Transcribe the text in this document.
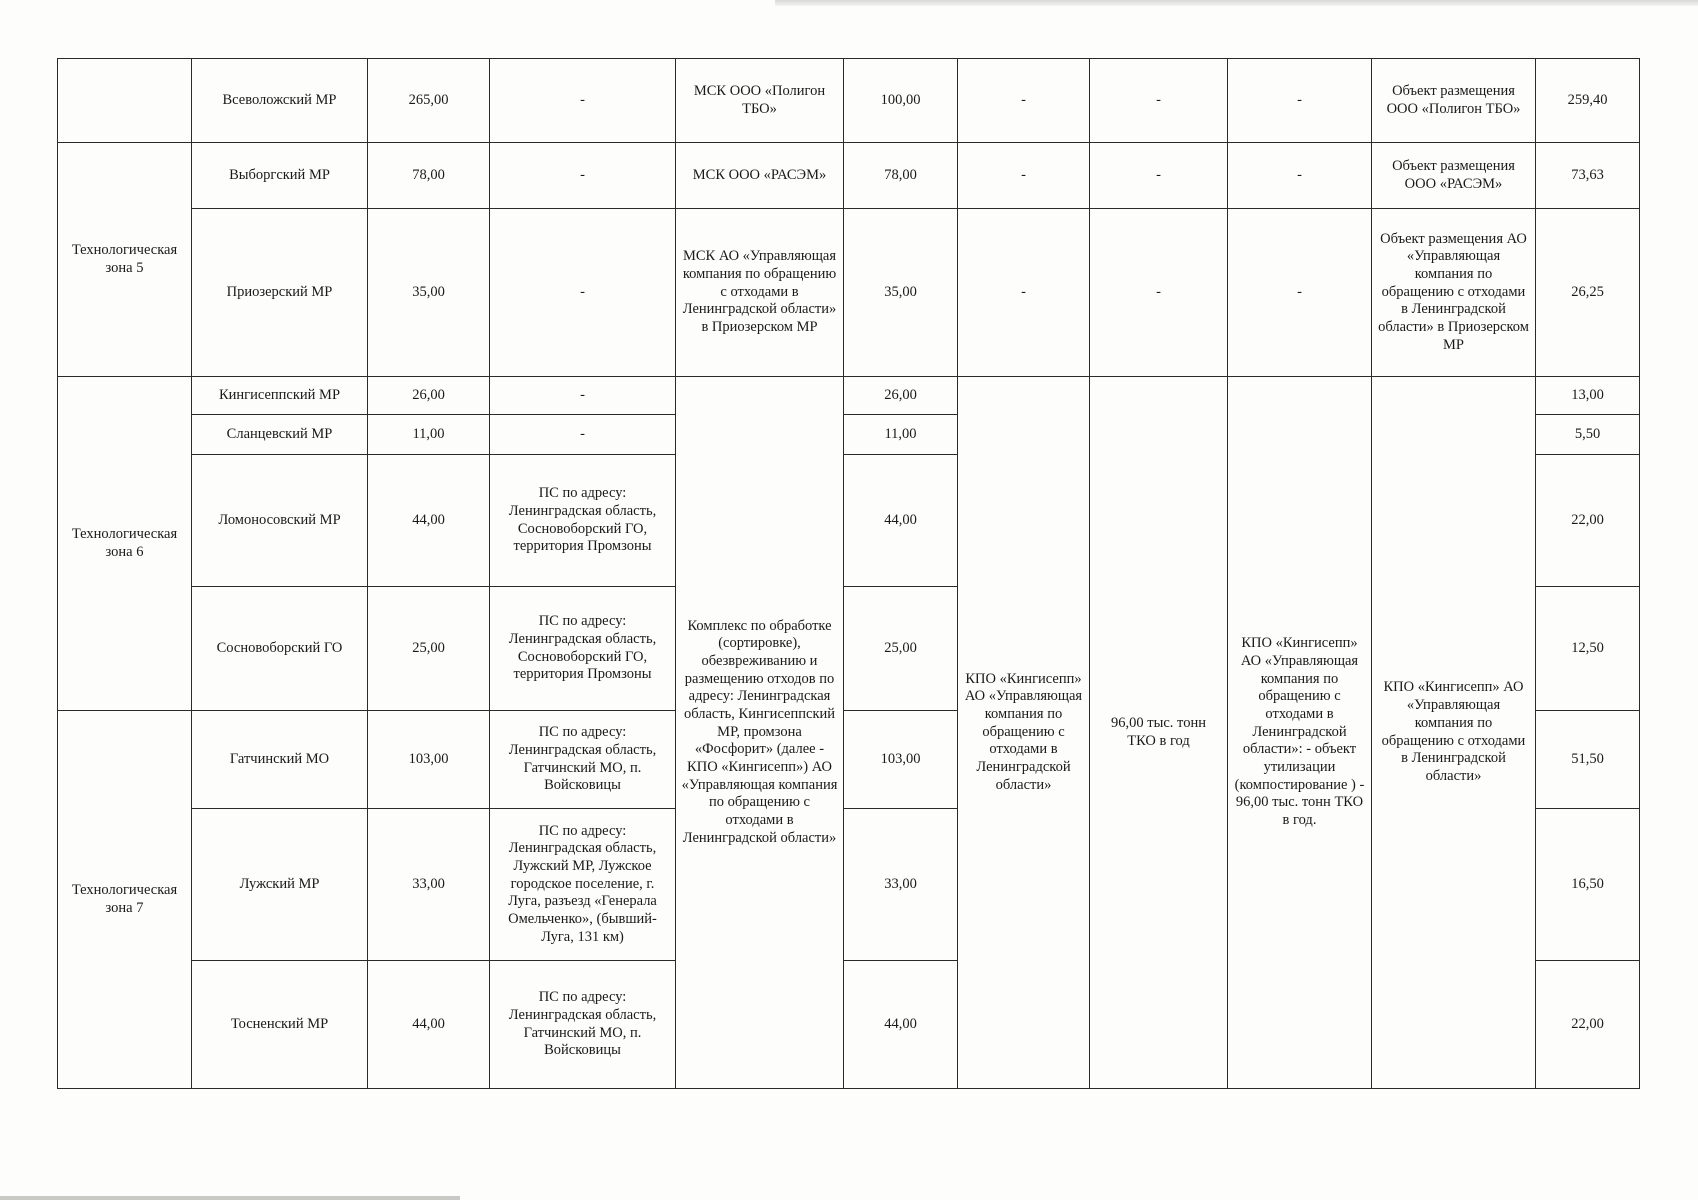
	Всеволожский МР	265,00	-	МСК ООО «Полигон ТБО»	100,00	-	-	-	Объект размещения ООО «Полигон ТБО»	259,40
Технологическая зона 5	Выборгский МР	78,00	-	МСК ООО «РАСЭМ»	78,00	-	-	-	Объект размещения ООО «РАСЭМ»	73,63
	Приозерский МР	35,00	-	МСК АО «Управляющая компания по обращению с отходами в Ленинградской области» в Приозерском МР	35,00	-	-	-	Объект размещения АО «Управляющая компания по обращению с отходами в Ленинградской области» в Приозерском МР	26,25
Технологическая зона 6	Кингисеппский МР	26,00	-	Комплекс по обработке (сортировке), обезвреживанию и размещению отходов по адресу: Ленинградская область, Кингисеппский МР, промзона «Фосфорит» (далее - КПО «Кингисепп») АО «Управляющая компания по обращению с отходами в Ленинградской области»	26,00	КПО «Кингисепп» АО «Управляющая компания по обращению с отходами в Ленинградской области»	96,00 тыс. тонн ТКО в год	КПО «Кингисепп» АО «Управляющая компания по обращению с отходами в Ленинградской области»: - объект утилизации (компостирование ) - 96,00 тыс. тонн ТКО в год.	КПО «Кингисепп» АО «Управляющая компания по обращению с отходами в Ленинградской области»	13,00
	Сланцевский МР	11,00	-		11,00					5,50
	Ломоносовский МР	44,00	ПС по адресу: Ленинградская область, Сосновоборский ГО, территория Промзоны		44,00					22,00
	Сосновоборский ГО	25,00	ПС по адресу: Ленинградская область, Сосновоборский ГО, территория Промзоны		25,00					12,50
Технологическая зона 7	Гатчинский МО	103,00	ПС по адресу: Ленинградская область, Гатчинский МО, п. Войсковицы		103,00					51,50
	Лужский МР	33,00	ПС по адресу: Ленинградская область, Лужский МР, Лужское городское поселение, г. Луга, разъезд «Генерала Омельченко», (бывший- Луга, 131 км)		33,00					16,50
	Тосненский МР	44,00	ПС по адресу: Ленинградская область, Гатчинский МО, п. Войсковицы		44,00					22,00
